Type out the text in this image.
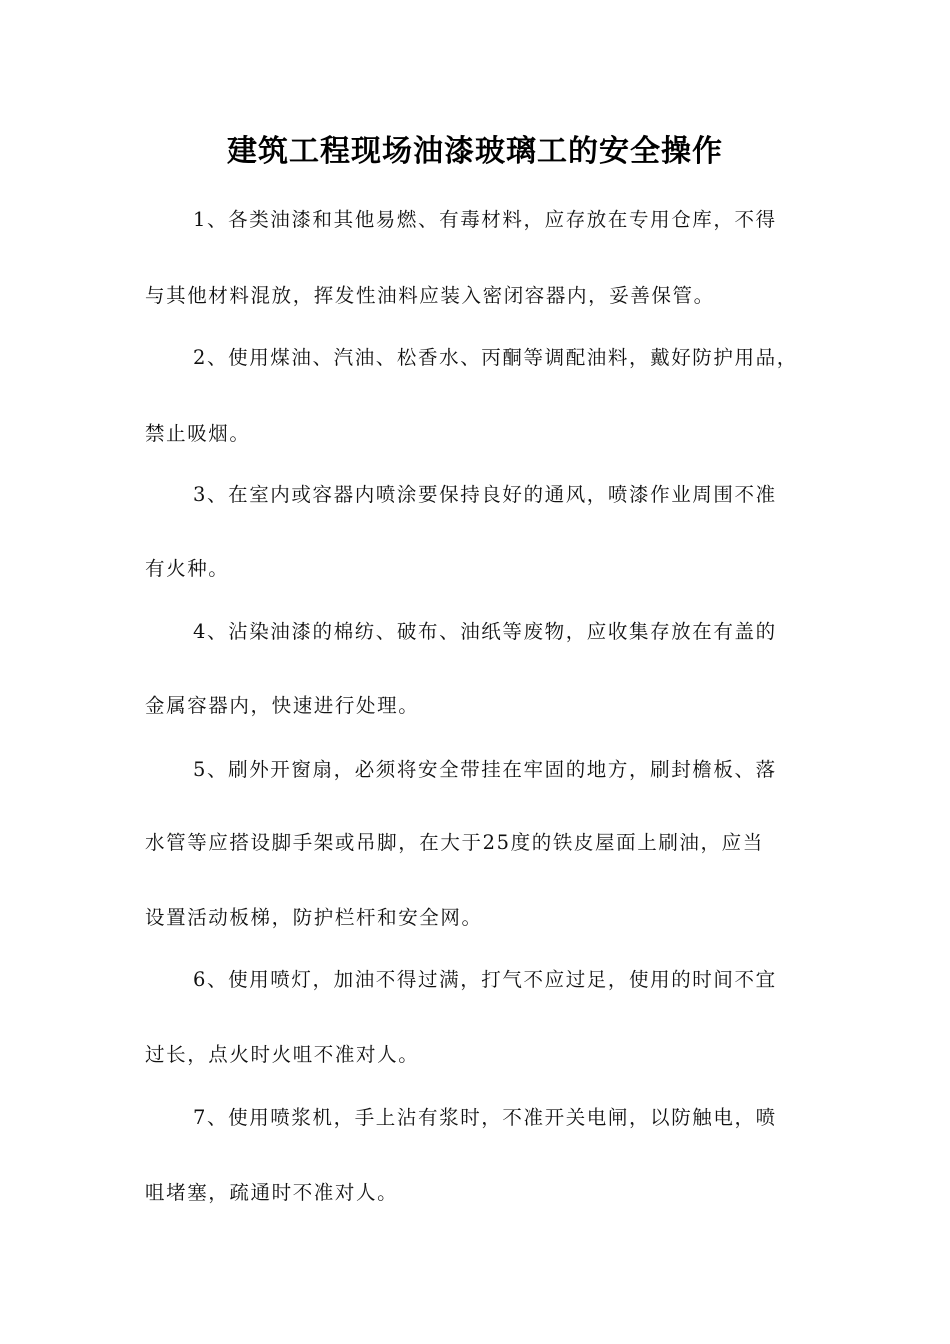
建筑工程现场油漆玻璃工的安全操作
1、各类油漆和其他易燃、有毒材料，应存放在专用仓库，不得
与其他材料混放，挥发性油料应装入密闭容器内，妥善保管。
2、使用煤油、汽油、松香水、丙酮等调配油料，戴好防护用品，
禁止吸烟。
3、在室内或容器内喷涂要保持良好的通风，喷漆作业周围不准
有火种。
4、沾染油漆的棉纺、破布、油纸等废物，应收集存放在有盖的
金属容器内，快速进行处理。
5、刷外开窗扇，必须将安全带挂在牢固的地方，刷封檐板、落
水管等应搭设脚手架或吊脚，在大于25度的铁皮屋面上刷油，应当
设置活动板梯，防护栏杆和安全网。
6、使用喷灯，加油不得过满，打气不应过足，使用的时间不宜
过长，点火时火咀不准对人。
7、使用喷浆机，手上沾有浆时，不准开关电闸，以防触电，喷
咀堵塞，疏通时不准对人。
